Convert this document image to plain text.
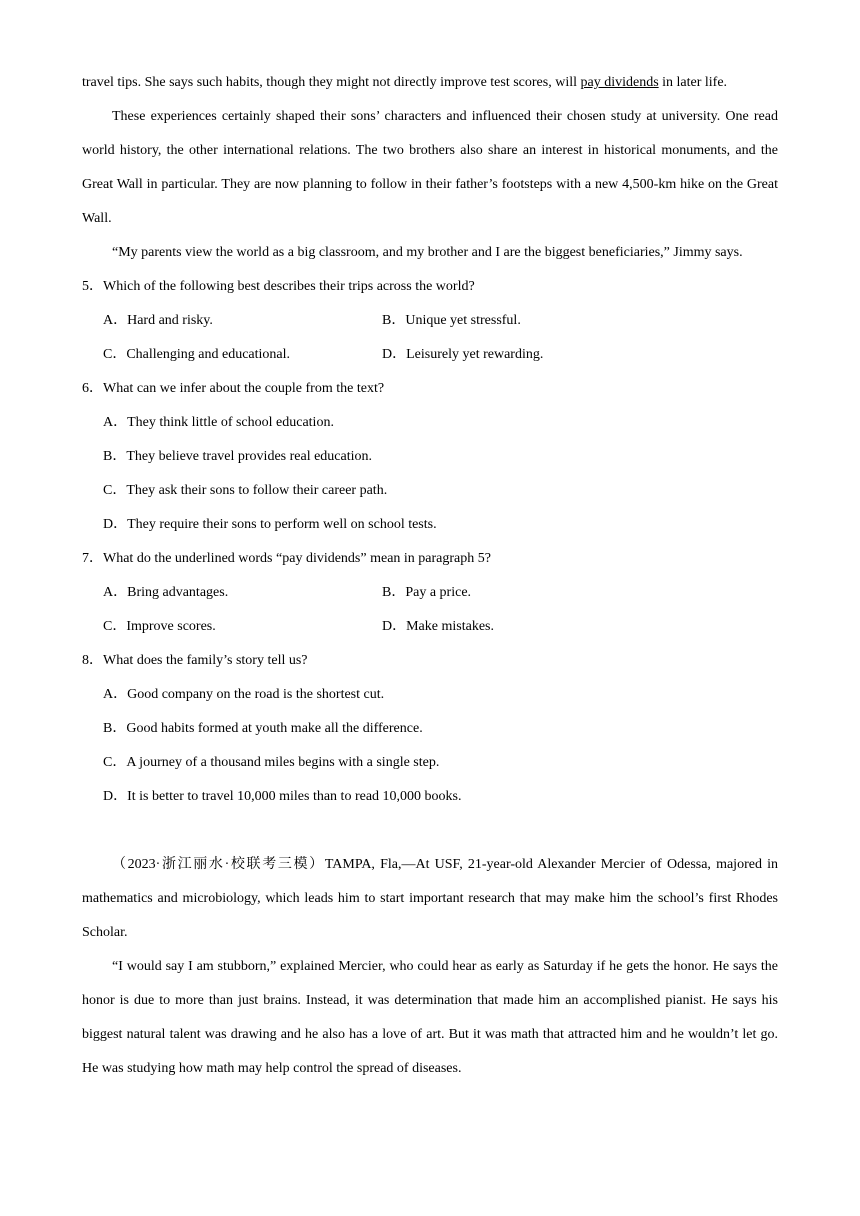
travel tips. She says such habits, though they might not directly improve test scores, will pay dividends in later life.

These experiences certainly shaped their sons’ characters and influenced their chosen study at university. One read world history, the other international relations. The two brothers also share an interest in historical monuments, and the Great Wall in particular. They are now planning to follow in their father’s footsteps with a new 4,500-km hike on the Great Wall.

“My parents view the world as a big classroom, and my brother and I are the biggest beneficiaries,” Jimmy says.

5．Which of the following best describes their trips across the world?
A．Hard and risky.	B．Unique yet stressful.
C．Challenging and educational.	D．Leisurely yet rewarding.
6．What can we infer about the couple from the text?
A．They think little of school education.
B．They believe travel provides real education.
C．They ask their sons to follow their career path.
D．They require their sons to perform well on school tests.
7．What do the underlined words “pay dividends” mean in paragraph 5?
A．Bring advantages.	B．Pay a price.
C．Improve scores.	D．Make mistakes.
8．What does the family’s story tell us?
A．Good company on the road is the shortest cut.
B．Good habits formed at youth make all the difference.
C．A journey of a thousand miles begins with a single step.
D．It is better to travel 10,000 miles than to read 10,000 books.

（2023·浙江丽水·校联考三模）TAMPA, Fla,—At USF, 21-year-old Alexander Mercier of Odessa, majored in mathematics and microbiology, which leads him to start important research that may make him the school’s first Rhodes Scholar.

“I would say I am stubborn,” explained Mercier, who could hear as early as Saturday if he gets the honor. He says the honor is due to more than just brains. Instead, it was determination that made him an accomplished pianist. He says his biggest natural talent was drawing and he also has a love of art. But it was math that attracted him and he wouldn’t let go. He was studying how math may help control the spread of diseases.
